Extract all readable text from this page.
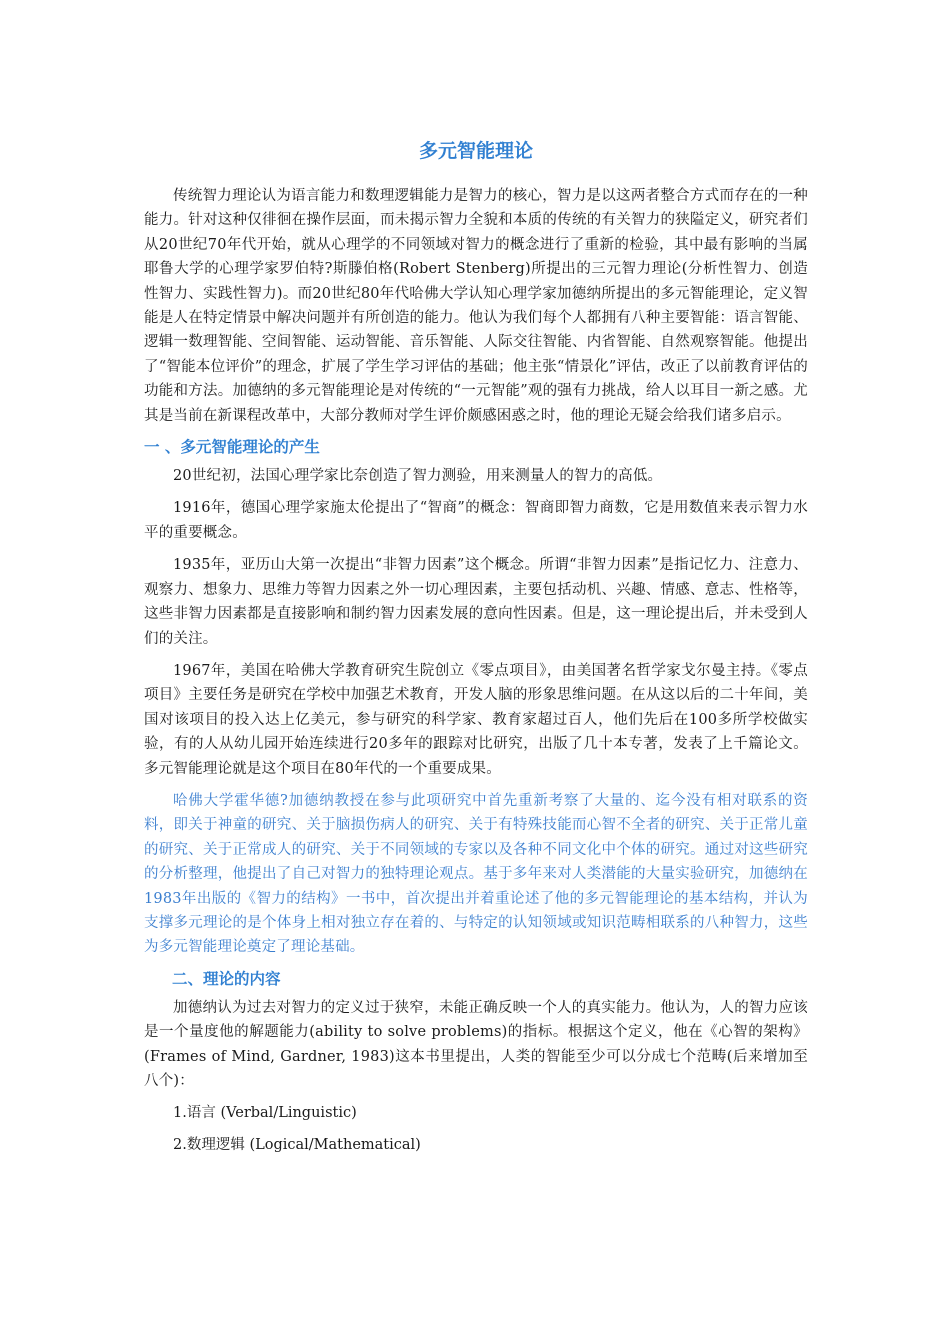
多元智能理论

传统智力理论认为语言能力和数理逻辑能力是智力的核心，智力是以这两者整合方式而存在的一种能力。针对这种仅徘徊在操作层面，而未揭示智力全貌和本质的传统的有关智力的狭隘定义，研究者们从20世纪70年代开始，就从心理学的不同领域对智力的概念进行了重新的检验，其中最有影响的当属耶鲁大学的心理学家罗伯特?斯滕伯格(Robert Stenberg)所提出的三元智力理论(分析性智力、创造性智力、实践性智力)。而20世纪80年代哈佛大学认知心理学家加德纳所提出的多元智能理论，定义智能是人在特定情景中解决问题并有所创造的能力。他认为我们每个人都拥有八种主要智能：语言智能、逻辑一数理智能、空间智能、运动智能、音乐智能、人际交往智能、内省智能、自然观察智能。他提出了“智能本位评价”的理念，扩展了学生学习评估的基础；他主张“情景化”评估，改正了以前教育评估的功能和方法。加德纳的多元智能理论是对传统的“一元智能”观的强有力挑战，给人以耳目一新之感。尤其是当前在新课程改革中，大部分教师对学生评价颇感困惑之时，他的理论无疑会给我们诸多启示。

一 、多元智能理论的产生

20世纪初，法国心理学家比奈创造了智力测验，用来测量人的智力的高低。

1916年，德国心理学家施太伦提出了“智商”的概念：智商即智力商数，它是用数值来表示智力水平的重要概念。

1935年，亚历山大第一次提出“非智力因素”这个概念。所谓“非智力因素”是指记忆力、注意力、观察力、想象力、思维力等智力因素之外一切心理因素，主要包括动机、兴趣、情感、意志、性格等，这些非智力因素都是直接影响和制约智力因素发展的意向性因素。但是，这一理论提出后，并未受到人们的关注。

1967年，美国在哈佛大学教育研究生院创立《零点项目》，由美国著名哲学家戈尔曼主持。《零点项目》主要任务是研究在学校中加强艺术教育，开发人脑的形象思维问题。在从这以后的二十年间，美国对该项目的投入达上亿美元，参与研究的科学家、教育家超过百人，他们先后在100多所学校做实验，有的人从幼儿园开始连续进行20多年的跟踪对比研究，出版了几十本专著，发表了上千篇论文。多元智能理论就是这个项目在80年代的一个重要成果。

哈佛大学霍华德?加德纳教授在参与此项研究中首先重新考察了大量的、迄今没有相对联系的资料，即关于神童的研究、关于脑损伤病人的研究、关于有特殊技能而心智不全者的研究、关于正常儿童的研究、关于正常成人的研究、关于不同领域的专家以及各种不同文化中个体的研究。通过对这些研究的分析整理，他提出了自己对智力的独特理论观点。基于多年来对人类潜能的大量实验研究，加德纳在1983年出版的《智力的结构》一书中，首次提出并着重论述了他的多元智能理论的基本结构，并认为支撑多元理论的是个体身上相对独立存在着的、与特定的认知领域或知识范畴相联系的八种智力，这些为多元智能理论奠定了理论基础。

二、理论的内容

加德纳认为过去对智力的定义过于狭窄，未能正确反映一个人的真实能力。他认为，人的智力应该是一个量度他的解题能力(ability to solve problems)的指标。根据这个定义，他在《心智的架构》(Frames of Mind, Gardner, 1983)这本书里提出，人类的智能至少可以分成七个范畴(后来增加至八个)：

1.语言 (Verbal/Linguistic)
2.数理逻辑 (Logical/Mathematical)
